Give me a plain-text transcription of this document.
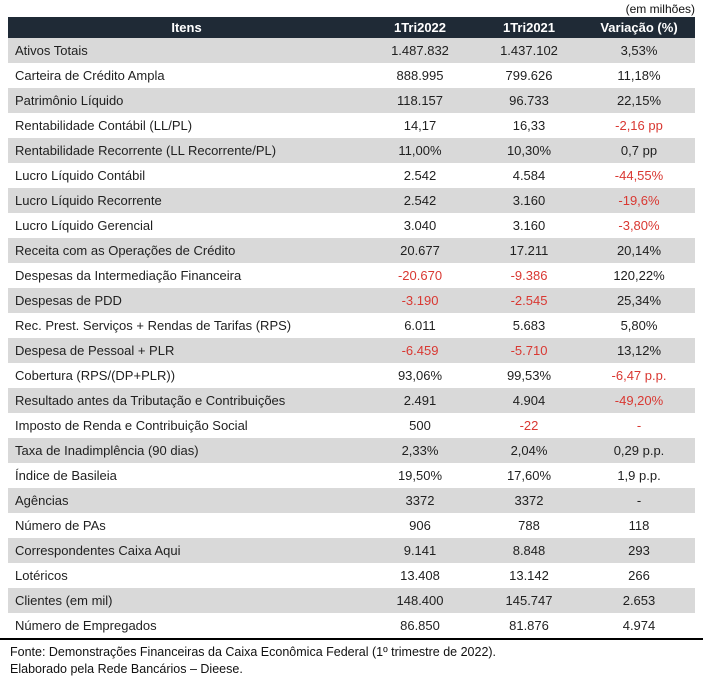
(em milhões)
Itens	1Tri2022	1Tri2021	Variação (%)
Ativos Totais	1.487.832	1.437.102	3,53%
Carteira de Crédito Ampla	888.995	799.626	11,18%
Patrimônio Líquido	118.157	96.733	22,15%
Rentabilidade Contábil (LL/PL)	14,17	16,33	-2,16 pp
Rentabilidade Recorrente (LL Recorrente/PL)	11,00%	10,30%	0,7 pp
Lucro Líquido Contábil	2.542	4.584	-44,55%
Lucro Líquido Recorrente	2.542	3.160	-19,6%
Lucro Líquido Gerencial	3.040	3.160	-3,80%
Receita com as Operações de Crédito	20.677	17.211	20,14%
Despesas da Intermediação Financeira	-20.670	-9.386	120,22%
Despesas de PDD	-3.190	-2.545	25,34%
Rec. Prest. Serviços + Rendas de Tarifas (RPS)	6.011	5.683	5,80%
Despesa de Pessoal + PLR	-6.459	-5.710	13,12%
Cobertura (RPS/(DP+PLR))	93,06%	99,53%	-6,47 p.p.
Resultado antes da Tributação e Contribuições	2.491	4.904	-49,20%
Imposto de Renda e Contribuição Social	500	-22	-
Taxa de Inadimplência (90 dias)	2,33%	2,04%	0,29 p.p.
Índice de Basileia	19,50%	17,60%	1,9 p.p.
Agências	3372	3372	-
Número de PAs	906	788	118
Correspondentes Caixa Aqui	9.141	8.848	293
Lotéricos	13.408	13.142	266
Clientes (em mil)	148.400	145.747	2.653
Número de Empregados	86.850	81.876	4.974
Fonte: Demonstrações Financeiras da Caixa Econômica Federal (1º trimestre de 2022).
Elaborado pela Rede Bancários – Dieese.
